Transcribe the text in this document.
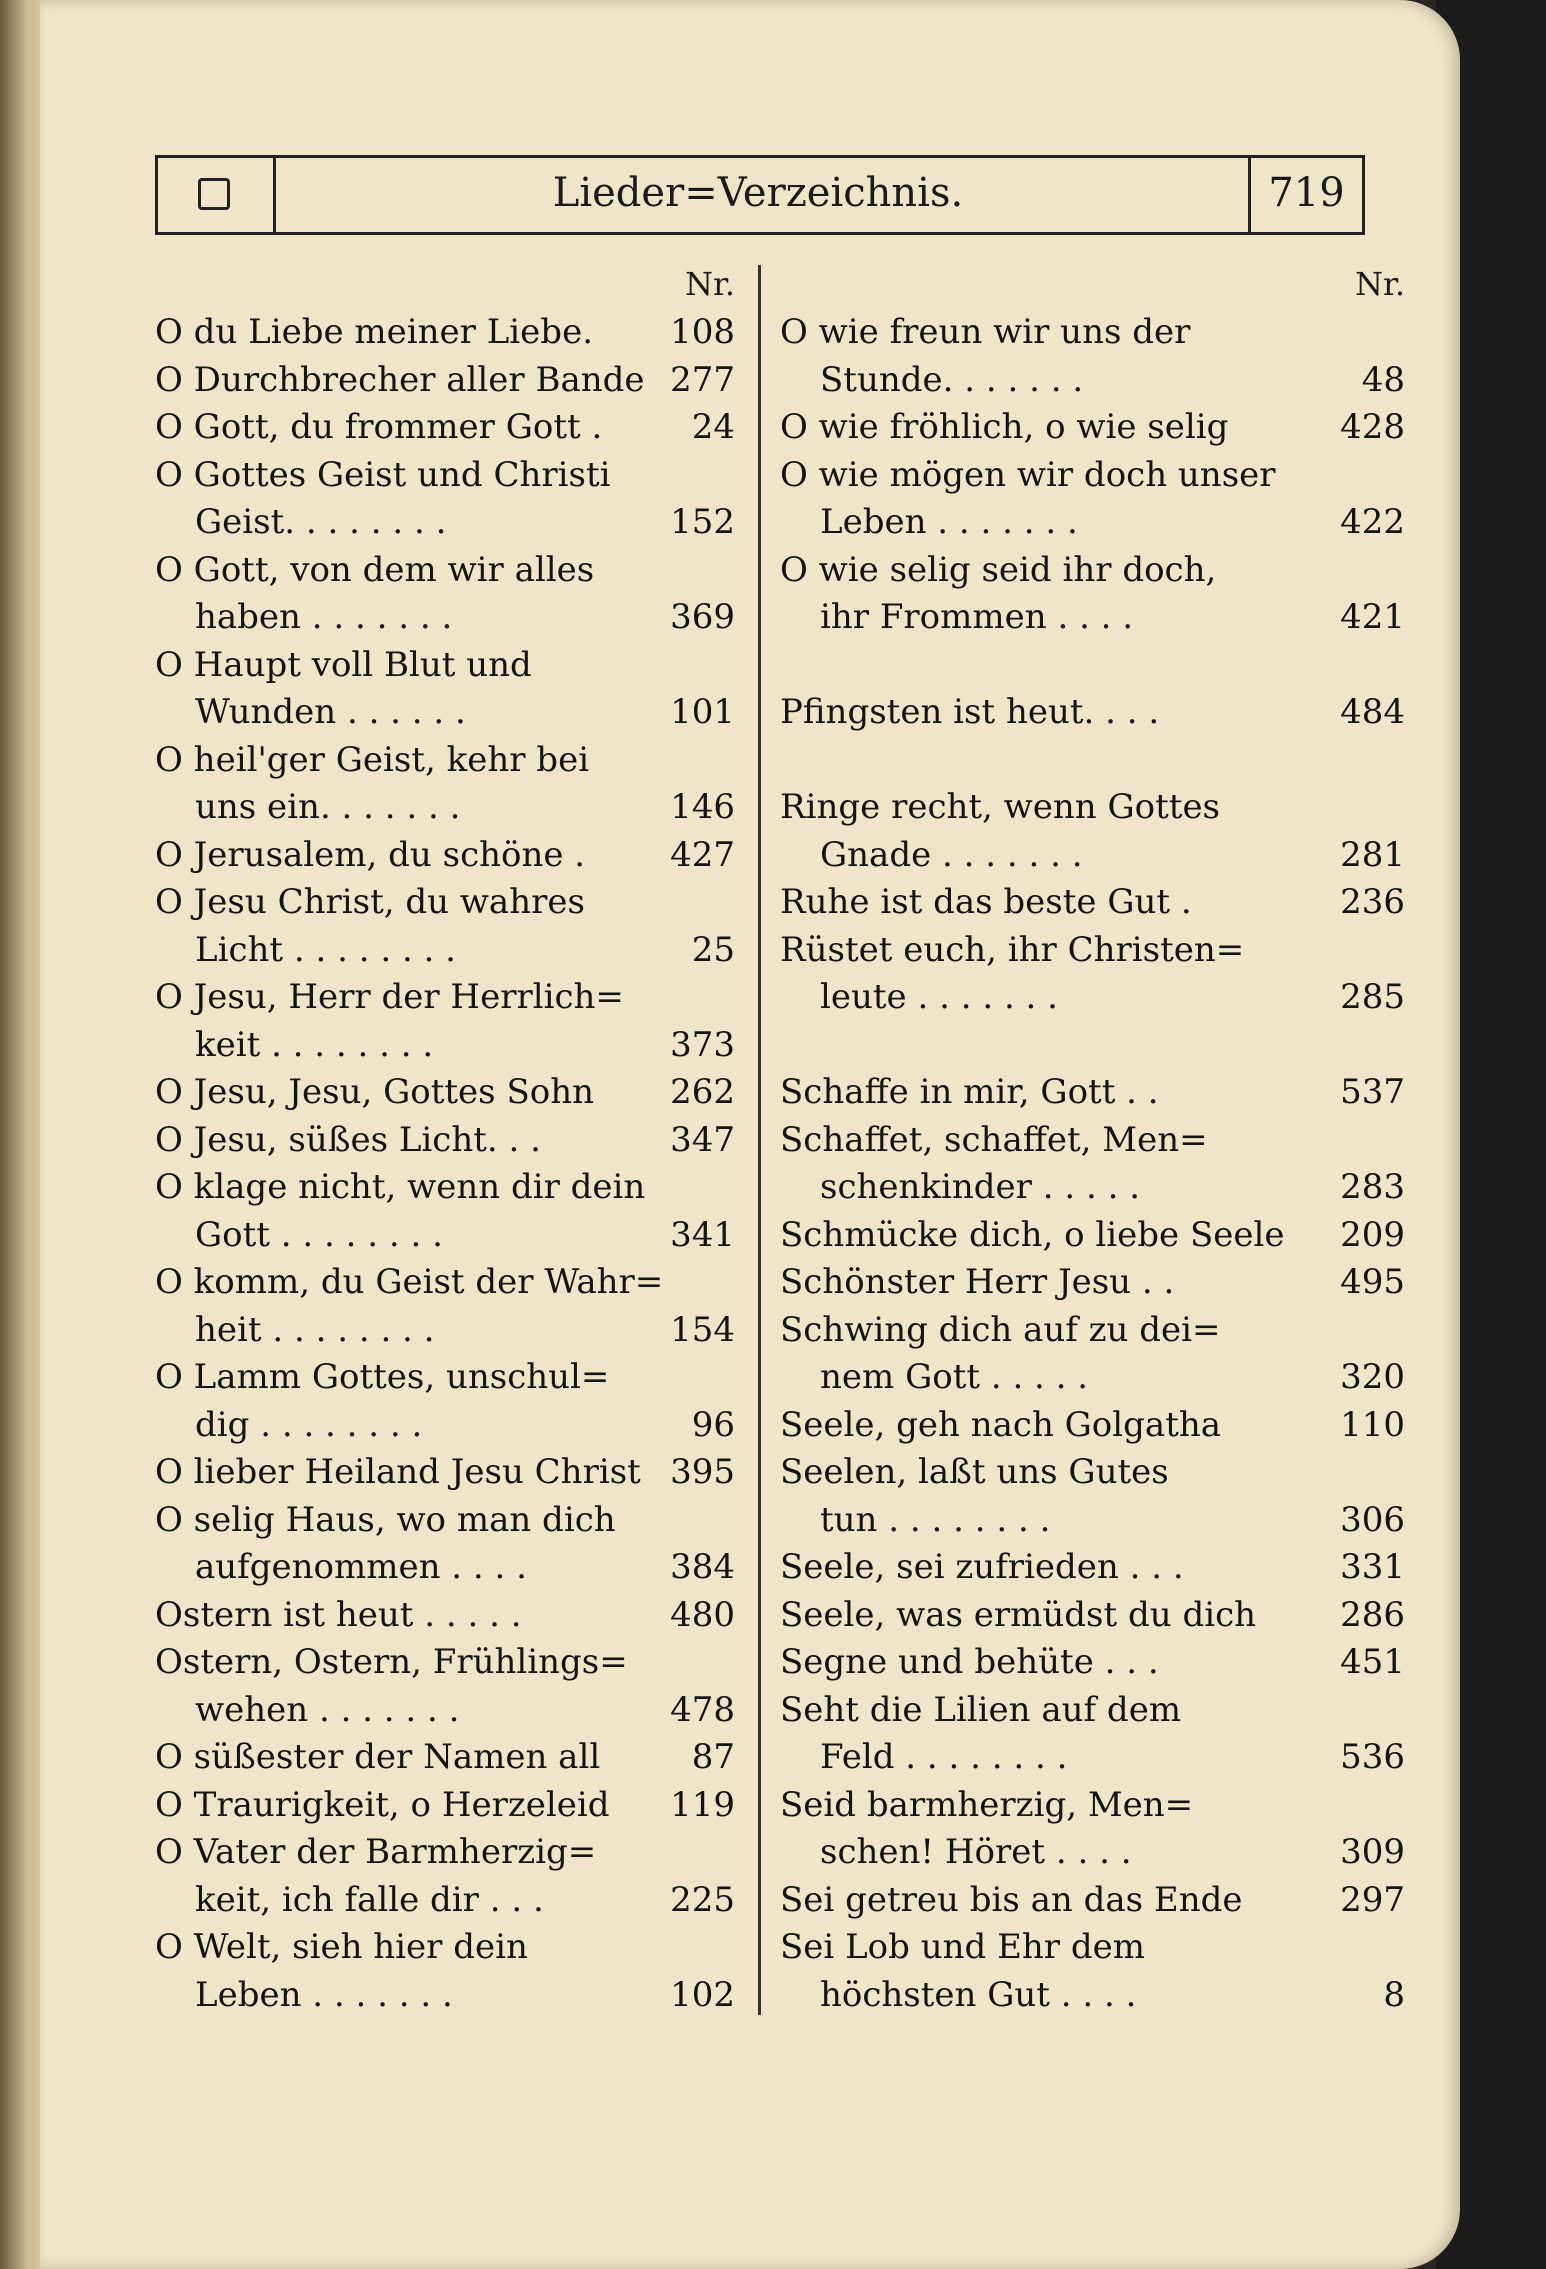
Lieder=Verzeichnis.	719
Nr.
O du Liebe meiner Liebe. 108
O Durchbrecher aller Bande 277
O Gott, du frommer Gott .	24
O Gottes Geist und Christi
Geist. . . . . . . .	152
O Gott, von dem wir alles
haben . . . . . . .	369
O Haupt voll Blut und
Wunden . . . . . .	101
O heil'ger Geist, kehr bei
uns ein. . . . . . .	146
O Jerusalem, du schöne . 427
O Jesu Christ, du wahres
Licht . . . . . . . .	25
O Jesu, Herr der Herrlich=
keit . . . . . . . .	373
O Jesu, Jesu, Gottes Sohn 262
O Jesu, süßes Licht. . .	347
O klage nicht, wenn dir dein
Gott . . . . . . . .	341
O komm, du Geist der Wahr=
heit . . . . . . . .	154
O Lamm Gottes, unschul=
dig . . . . . . . .	96
O lieber Heiland Jesu Christ 395
O selig Haus, wo man dich
aufgenommen . . . .	384
Ostern ist heut . . . . .	480
Ostern, Ostern, Frühlings=
wehen . . . . . . .	478
O süßester der Namen all	87
O Traurigkeit, o Herzeleid 119
O Vater der Barmherzig=
keit, ich falle dir . . .	225
O Welt, sieh hier dein
Leben . . . . . . .	102
Nr.
O wie freun wir uns der
Stunde. . . . . . .	48
O wie fröhlich, o wie selig	428
O wie mögen wir doch unser
Leben . . . . . . .	422
O wie selig seid ihr doch,
ihr Frommen . . . .	421
Pfingsten ist heut. . . .	484
Ringe recht, wenn Gottes
Gnade . . . . . . .	281
Ruhe ist das beste Gut .	236
Rüstet euch, ihr Christen=
leute . . . . . . .	285
Schaffe in mir, Gott . .	537
Schaffet, schaffet, Men=
schenkinder . . . . .	283
Schmücke dich, o liebe Seele 209
Schönster Herr Jesu . .	495
Schwing dich auf zu dei=
nem Gott . . . . .	320
Seele, geh nach Golgatha	110
Seelen, laßt uns Gutes
tun . . . . . . . .	306
Seele, sei zufrieden . . .	331
Seele, was ermüdst du dich 286
Segne und behüte . . .	451
Seht die Lilien auf dem
Feld . . . . . . . .	536
Seid barmherzig, Men=
schen! Höret . . . .	309
Sei getreu bis an das Ende	297
Sei Lob und Ehr dem
höchsten Gut . . . .	8
